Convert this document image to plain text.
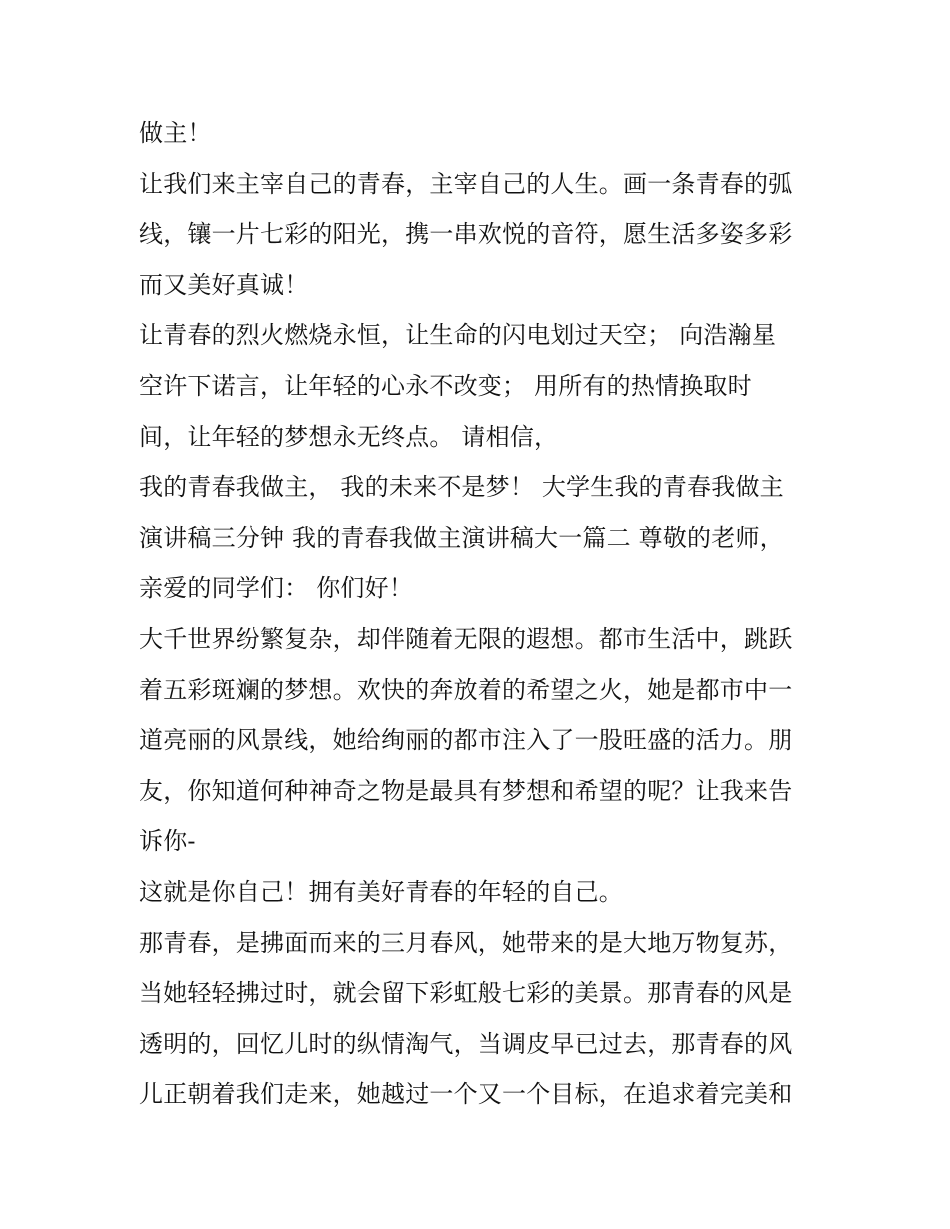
做主！
让我们来主宰自己的青春，主宰自己的人生。画一条青春的弧
线，镶一片七彩的阳光，携一串欢悦的音符，愿生活多姿多彩
而又美好真诚！
让青春的烈火燃烧永恒，让生命的闪电划过天空； 向浩瀚星
空许下诺言，让年轻的心永不改变； 用所有的热情换取时
间，让年轻的梦想永无终点。 请相信，
我的青春我做主， 我的未来不是梦！ 大学生我的青春我做主
演讲稿三分钟 我的青春我做主演讲稿大一篇二 尊敬的老师，
亲爱的同学们： 你们好！
大千世界纷繁复杂，却伴随着无限的遐想。都市生活中，跳跃
着五彩斑斓的梦想。欢快的奔放着的希望之火，她是都市中一
道亮丽的风景线，她给绚丽的都市注入了一股旺盛的活力。朋
友，你知道何种神奇之物是最具有梦想和希望的呢？让我来告
诉你-
这就是你自己！拥有美好青春的年轻的自己。
那青春，是拂面而来的三月春风，她带来的是大地万物复苏，
当她轻轻拂过时，就会留下彩虹般七彩的美景。那青春的风是
透明的，回忆儿时的纵情淘气，当调皮早已过去，那青春的风
儿正朝着我们走来，她越过一个又一个目标，在追求着完美和
